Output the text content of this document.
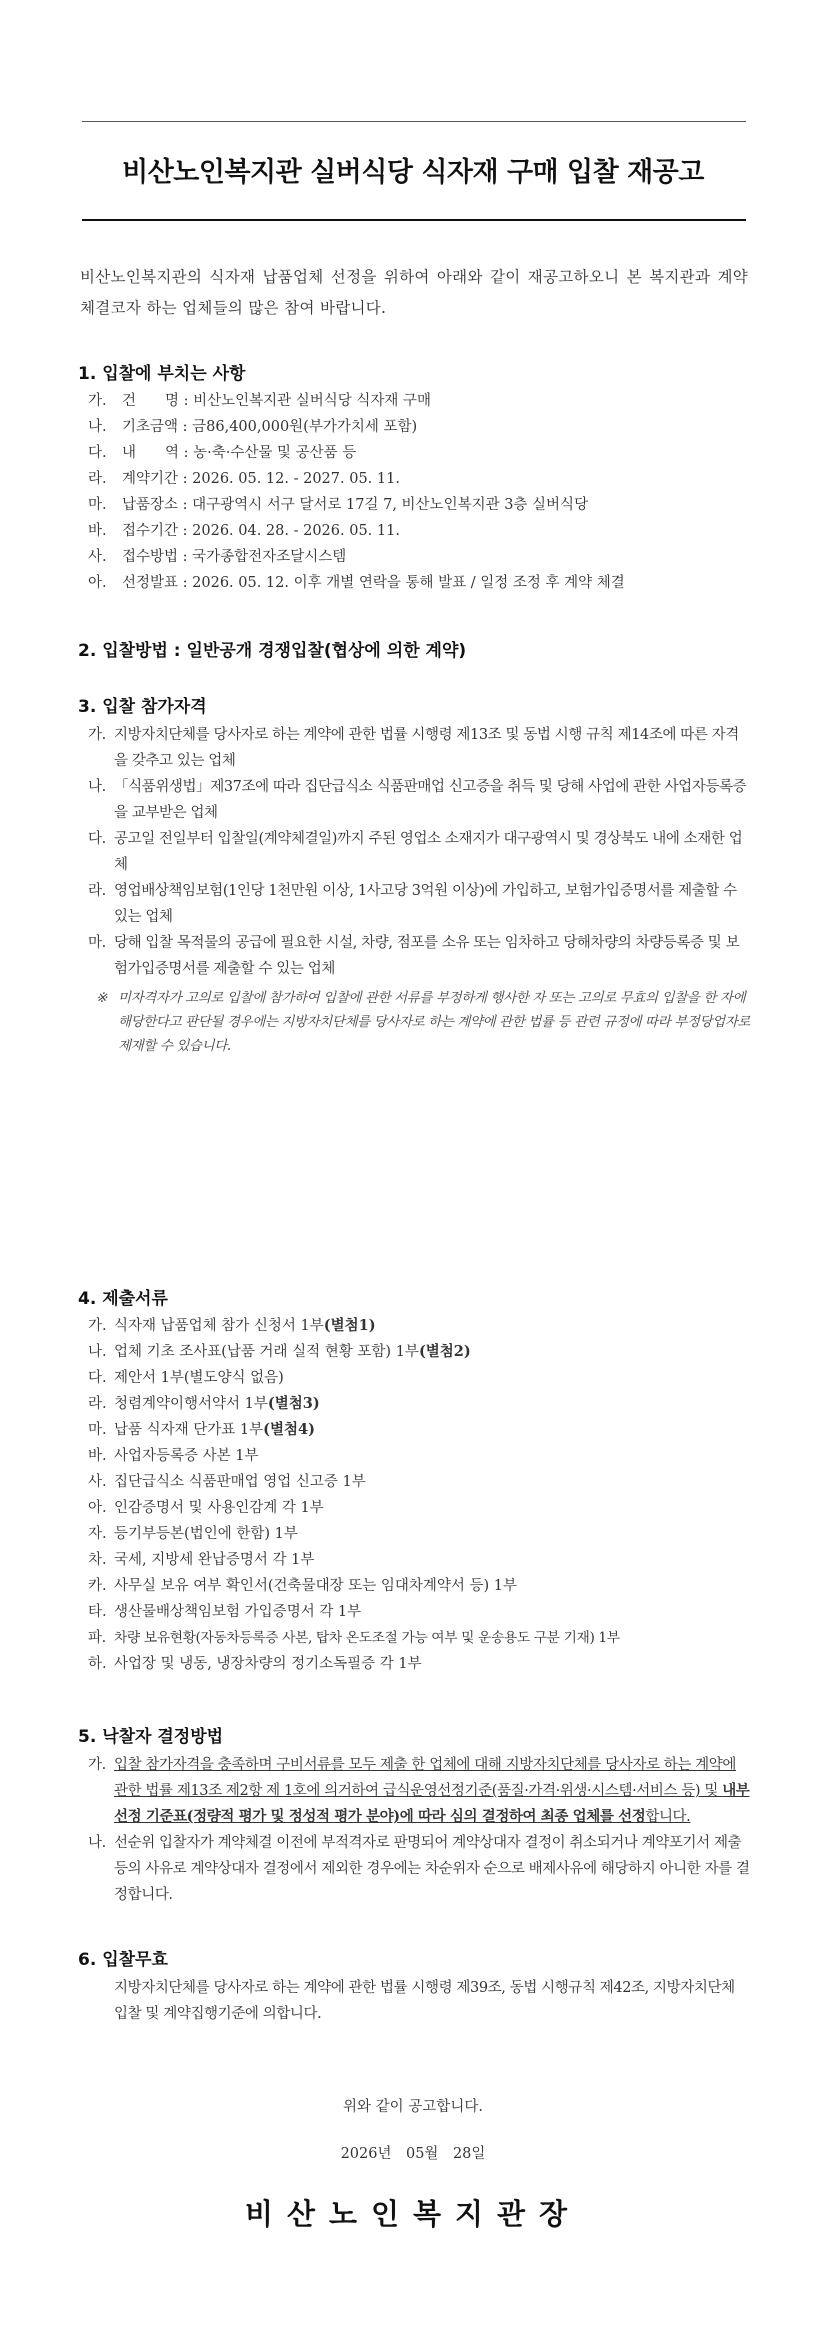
비산노인복지관 실버식당 식자재 구매 입찰 재공고
비산노인복지관의 식자재 납품업체 선정을 위하여 아래와 같이 재공고하오니 본 복지관과 계약 체결코자 하는 업체들의 많은 참여 바랍니다.
1. 입찰에 부치는 사항
가.	건　　명 : 비산노인복지관 실버식당 식자재 구매
나.	기초금액 : 금86,400,000원(부가가치세 포함)
다.	내　　역 : 농·축·수산물 및 공산품 등
라.	계약기간 : 2026. 05. 12. - 2027. 05. 11.
마.	납품장소 : 대구광역시 서구 달서로 17길 7, 비산노인복지관 3층 실버식당
바.	접수기간 : 2026. 04. 28. - 2026. 05. 11.
사.	접수방법 : 국가종합전자조달시스템
아.	선정발표 : 2026. 05. 12. 이후 개별 연락을 통해 발표 / 일정 조정 후 계약 체결
2. 입찰방법 : 일반공개 경쟁입찰(협상에 의한 계약)
3. 입찰 참가자격
가. 지방자치단체를 당사자로 하는 계약에 관한 법률 시행령 제13조 및 동법 시행 규칙 제14조에 따른 자격을 갖추고 있는 업체
나. 「식품위생법」제37조에 따라 집단급식소 식품판매업 신고증을 취득 및 당해 사업에 관한 사업자등록증을 교부받은 업체
다. 공고일 전일부터 입찰일(계약체결일)까지 주된 영업소 소재지가 대구광역시 및 경상북도 내에 소재한 업체
라. 영업배상책임보험(1인당 1천만원 이상, 1사고당 3억원 이상)에 가입하고, 보험가입증명서를 제출할 수 있는 업체
마. 당해 입찰 목적물의 공급에 필요한 시설, 차량, 점포를 소유 또는 임차하고 당해차량의 차량등록증 및 보험가입증명서를 제출할 수 있는 업체
※ 미자격자가 고의로 입찰에 참가하여 입찰에 관한 서류를 부정하게 행사한 자 또는 고의로 무효의 입찰을 한 자에 해당한다고 판단될 경우에는 지방자치단체를 당사자로 하는 계약에 관한 법률 등 관련 규정에 따라 부정당업자로 제재할 수 있습니다.
4. 제출서류
가. 식자재 납품업체 참가 신청서 1부(별첨1)
나. 업체 기초 조사표(납품 거래 실적 현황 포함) 1부(별첨2)
다. 제안서 1부(별도양식 없음)
라. 청렴계약이행서약서 1부(별첨3)
마. 납품 식자재 단가표 1부(별첨4)
바. 사업자등록증 사본 1부
사. 집단급식소 식품판매업 영업 신고증 1부
아. 인감증명서 및 사용인감계 각 1부
자. 등기부등본(법인에 한함) 1부
차. 국세, 지방세 완납증명서 각 1부
카. 사무실 보유 여부 확인서(건축물대장 또는 임대차계약서 등) 1부
타. 생산물배상책임보험 가입증명서 각 1부
파. 차량 보유현황(자동차등록증 사본, 탑차 온도조절 가능 여부 및 운송용도 구분 기재) 1부
하. 사업장 및 냉동, 냉장차량의 정기소독필증 각 1부
5. 낙찰자 결정방법
가. 입찰 참가자격을 충족하며 구비서류를 모두 제출 한 업체에 대해 지방자치단체를 당사자로 하는 계약에 관한 법률 제13조 제2항 제 1호에 의거하여 급식운영선정기준(품질·가격·위생·시스템·서비스 등) 및 내부 선정 기준표(정량적 평가 및 정성적 평가 분야)에 따라 심의 결정하여 최종 업체를 선정합니다.
나. 선순위 입찰자가 계약체결 이전에 부적격자로 판명되어 계약상대자 결정이 취소되거나 계약포기서 제출 등의 사유로 계약상대자 결정에서 제외한 경우에는 차순위자 순으로 배제사유에 해당하지 아니한 자를 결정합니다.
6. 입찰무효
지방자치단체를 당사자로 하는 계약에 관한 법률 시행령 제39조, 동법 시행규칙 제42조, 지방자치단체 입찰 및 계약집행기준에 의합니다.
위와 같이 공고합니다.
2026년　05월　28일
비산노인복지관장
